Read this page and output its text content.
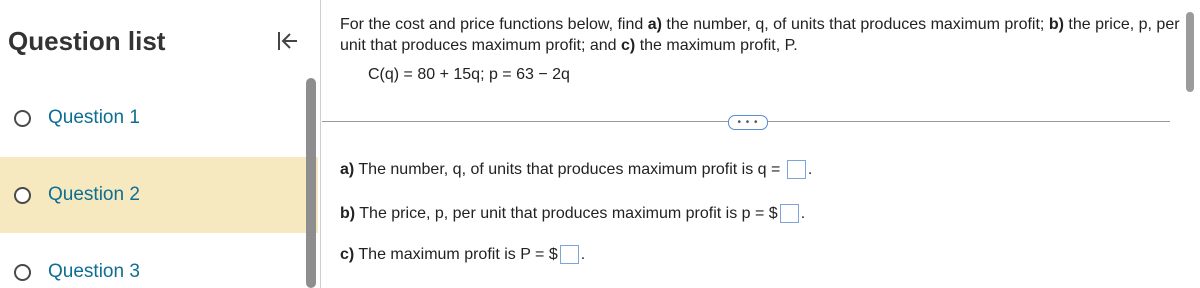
Question list
Question 1
Question 2
Question 3
For the cost and price functions below, find a) the number, q, of units that produces maximum profit; b) the price, p, per unit that produces maximum profit; and c) the maximum profit, P.
C(q) = 80 + 15q; p = 63 − 2q
• • •
a) The number, q, of units that produces maximum profit is q = .
b) The price, p, per unit that produces maximum profit is p = $ .
c) The maximum profit is P = $ .
